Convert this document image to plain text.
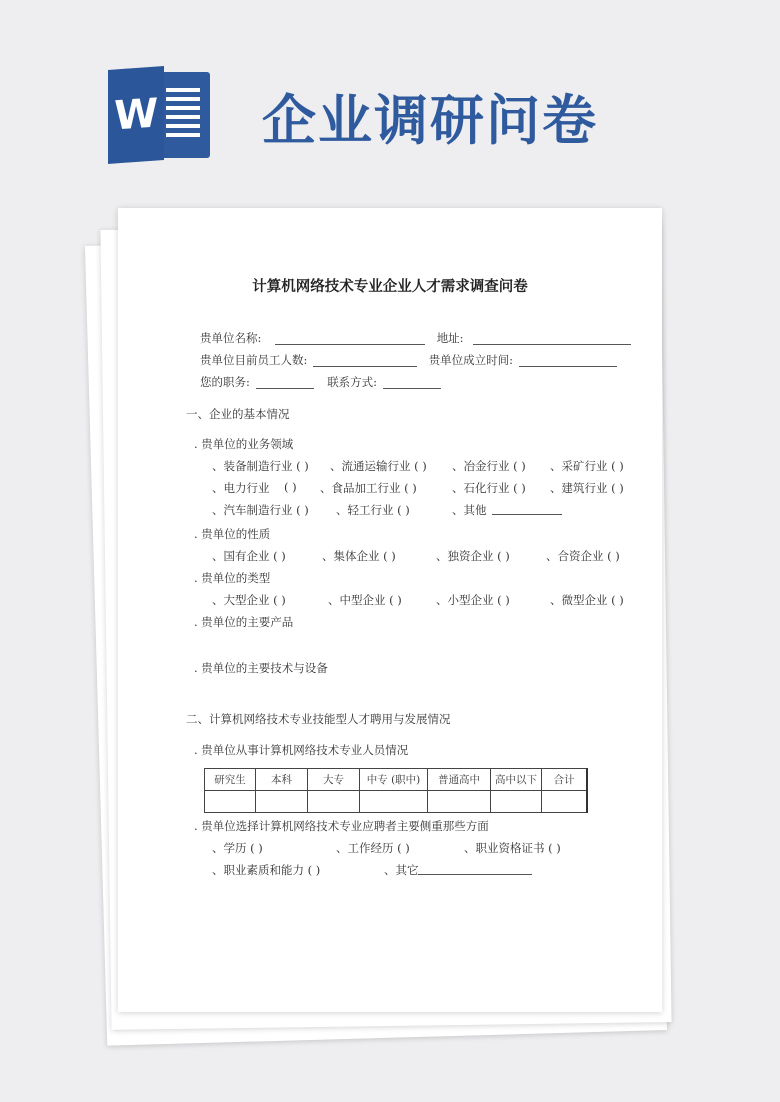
W 企业调研问卷
计算机网络技术专业企业人才需求调查问卷
贵单位名称:	地址:
贵单位目前员工人数:	贵单位成立时间:
您的职务:	联系方式:
一、企业的基本情况
. 贵单位的业务领域
、装备制造行业 ( ) 、流通运输行业 ( ) 、冶金行业 ( ) 、采矿行业 ( )
、电力行业 ( ) 、食品加工行业 ( )	、石化行业 ( ) 、建筑行业 ( )
、汽车制造行业 ( ) 、轻工行业 ( )	、其他
. 贵单位的性质
、国有企业 ( )	、集体企业 ( )	、独资企业 ( )	、合资企业 ( )
. 贵单位的类型
、大型企业 ( )	、中型企业 ( )	、小型企业 ( )	、微型企业 ( )
. 贵单位的主要产品
. 贵单位的主要技术与设备
二、计算机网络技术专业技能型人才聘用与发展情况
. 贵单位从事计算机网络技术专业人员情况
研究生	本科	大专	中专 (职中)	普通高中	高中以下	合计

. 贵单位选择计算机网络技术专业应聘者主要侧重那些方面
、学历 ( )	、工作经历 ( )	、职业资格证书 ( )
、职业素质和能力 ( )	、其它
